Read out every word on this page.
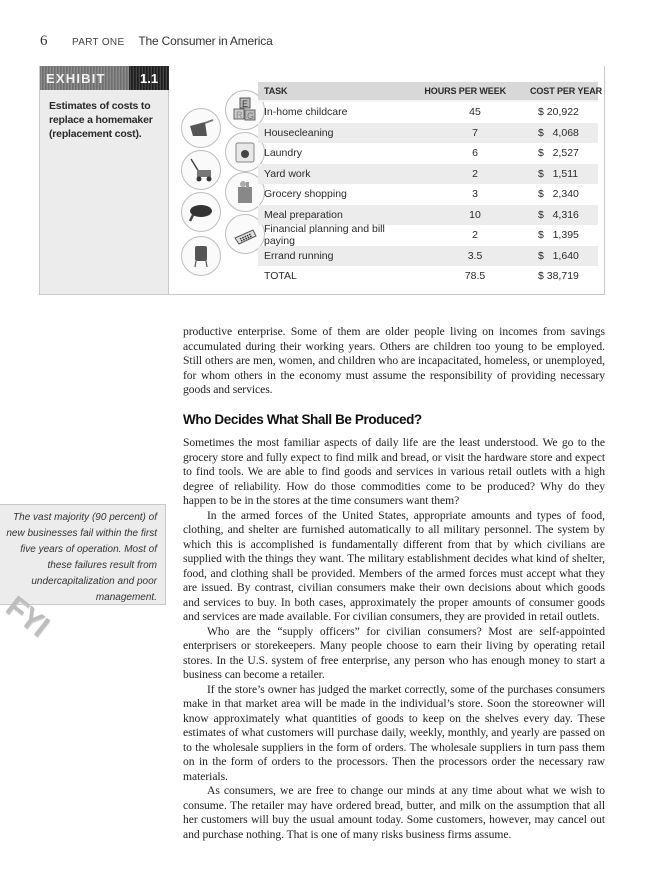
6	PART ONE The Consumer in America
EXHIBIT	1.1
Estimates of costs to replace a homemaker (replacement cost).
E
R G
TASK	HOURS PER WEEK	COST PER YEAR
In-home childcare	45	$ 20,922
Housecleaning	7	$   4,068
Laundry	6	$   2,527
Yard work	2	$   1,511
Grocery shopping	3	$   2,340
Meal preparation	10	$   4,316
Financial planning and bill paying	2	$   1,395
Errand running	3.5	$   1,640
TOTAL	78.5	$ 38,719

productive enterprise. Some of them are older people living on incomes from savings accumulated during their working years. Others are children too young to be employed. Still others are men, women, and children who are incapacitated, homeless, or unemployed, for whom others in the economy must assume the responsibility of providing necessary goods and services.

Who Decides What Shall Be Produced?

Sometimes the most familiar aspects of daily life are the least understood. We go to the grocery store and fully expect to find milk and bread, or visit the hardware store and expect to find tools. We are able to find goods and services in various retail outlets with a high degree of reliability. How do those commodities come to be produced? Why do they happen to be in the stores at the time consumers want them?

In the armed forces of the United States, appropriate amounts and types of food, clothing, and shelter are furnished automatically to all military personnel. The system by which this is accomplished is fundamentally different from that by which civilians are supplied with the things they want. The military establishment decides what kind of shelter, food, and clothing shall be provided. Members of the armed forces must accept what they are issued. By contrast, civilian consumers make their own decisions about which goods and services to buy. In both cases, approximately the proper amounts of consumer goods and services are made available. For civilian consumers, they are provided in retail outlets.

Who are the “supply officers” for civilian consumers? Most are self-appointed enterprisers or storekeepers. Many people choose to earn their living by operating retail stores. In the U.S. system of free enterprise, any person who has enough money to start a business can become a retailer.

If the store’s owner has judged the market correctly, some of the purchases consumers make in that market area will be made in the individual’s store. Soon the storeowner will know approximately what quantities of goods to keep on the shelves every day. These estimates of what customers will purchase daily, weekly, monthly, and yearly are passed on to the wholesale suppliers in the form of orders. The wholesale suppliers in turn pass them on in the form of orders to the processors. Then the processors order the necessary raw materials.

As consumers, we are free to change our minds at any time about what we wish to consume. The retailer may have ordered bread, butter, and milk on the assumption that all her customers will buy the usual amount today. Some customers, however, may cancel out and purchase nothing. That is one of many risks business firms assume.

The vast majority (90 percent) of new businesses fail within the first five years of operation. Most of these failures result from undercapitalization and poor management.
FYI
